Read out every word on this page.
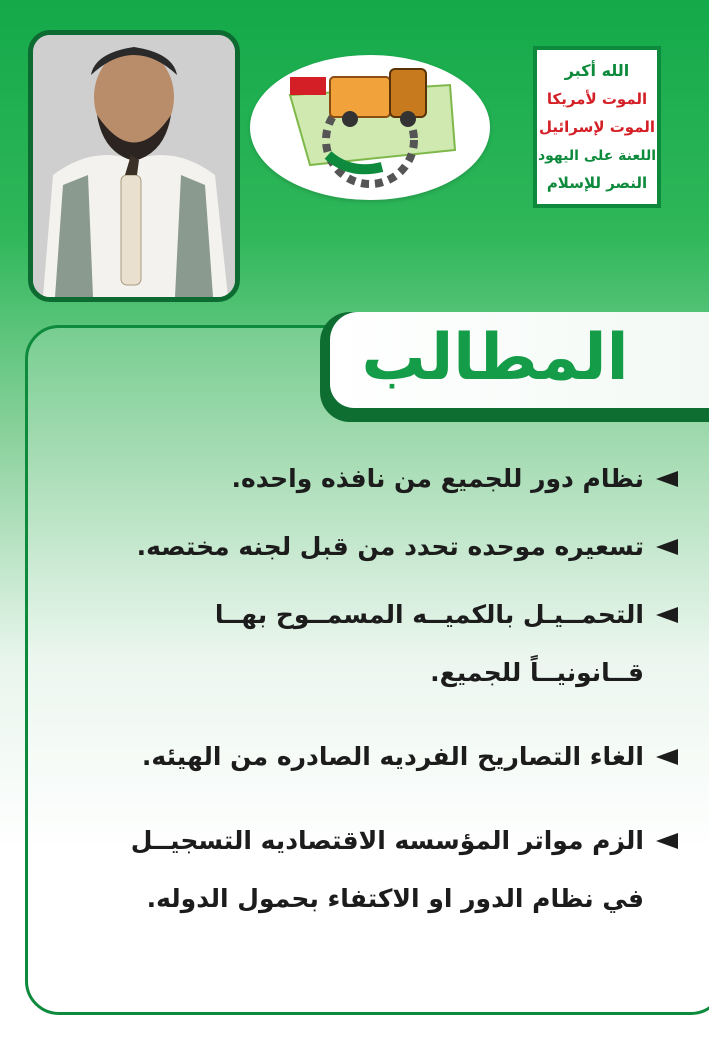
الله أكبر
الموت لأمريكا
الموت لإسرائيل
اللعنة على اليهود
النصر للإسلام
المطالب
نظام دور للجميع من نافذه واحده.
تسعيره موحده تحدد من قبل لجنه مختصه.
التحمــيـل بالكميــه المسمــوح بهــا
قــانونيــاً للجميع.
الغاء التصاريح الفرديه الصادره من الهيئه.
الزم مواتر المؤسسه الاقتصاديه التسجيــل
في نظام الدور او الاكتفاء بحمول الدوله.
